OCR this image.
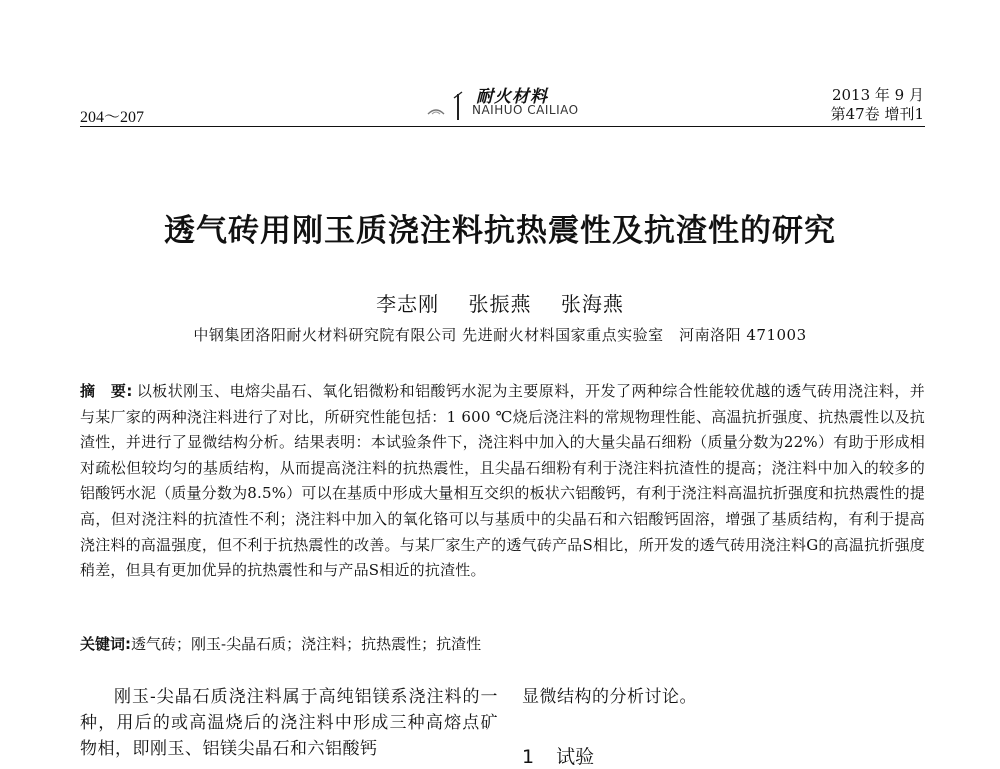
204～207
耐火材料
NAIHUO CAILIAO
2013 年 9 月
第47卷 增刊1
透气砖用刚玉质浇注料抗热震性及抗渣性的研究
李志刚 张振燕 张海燕
中钢集团洛阳耐火材料研究院有限公司 先进耐火材料国家重点实验室　河南洛阳 471003
摘　要: 以板状刚玉、电熔尖晶石、氧化铝微粉和铝酸钙水泥为主要原料，开发了两种综合性能较优越的透气砖用浇注料，并与某厂家的两种浇注料进行了对比，所研究性能包括：1 600 ℃烧后浇注料的常规物理性能、高温抗折强度、抗热震性以及抗渣性，并进行了显微结构分析。结果表明：本试验条件下，浇注料中加入的大量尖晶石细粉（质量分数为22%）有助于形成相对疏松但较均匀的基质结构，从而提高浇注料的抗热震性，且尖晶石细粉有利于浇注料抗渣性的提高；浇注料中加入的较多的铝酸钙水泥（质量分数为8.5%）可以在基质中形成大量相互交织的板状六铝酸钙，有利于浇注料高温抗折强度和抗热震性的提高，但对浇注料的抗渣性不利；浇注料中加入的氧化铬可以与基质中的尖晶石和六铝酸钙固溶，增强了基质结构，有利于提高浇注料的高温强度，但不利于抗热震性的改善。与某厂家生产的透气砖产品S相比，所开发的透气砖用浇注料G的高温抗折强度稍差，但具有更加优异的抗热震性和与产品S相近的抗渣性。
关键词:透气砖；刚玉-尖晶石质；浇注料；抗热震性；抗渣性
刚玉-尖晶石质浇注料属于高纯铝镁系浇注料的一种，用后的或高温烧后的浇注料中形成三种高熔点矿物相，即刚玉、铝镁尖晶石和六铝酸钙
显微结构的分析讨论。
1 试验
